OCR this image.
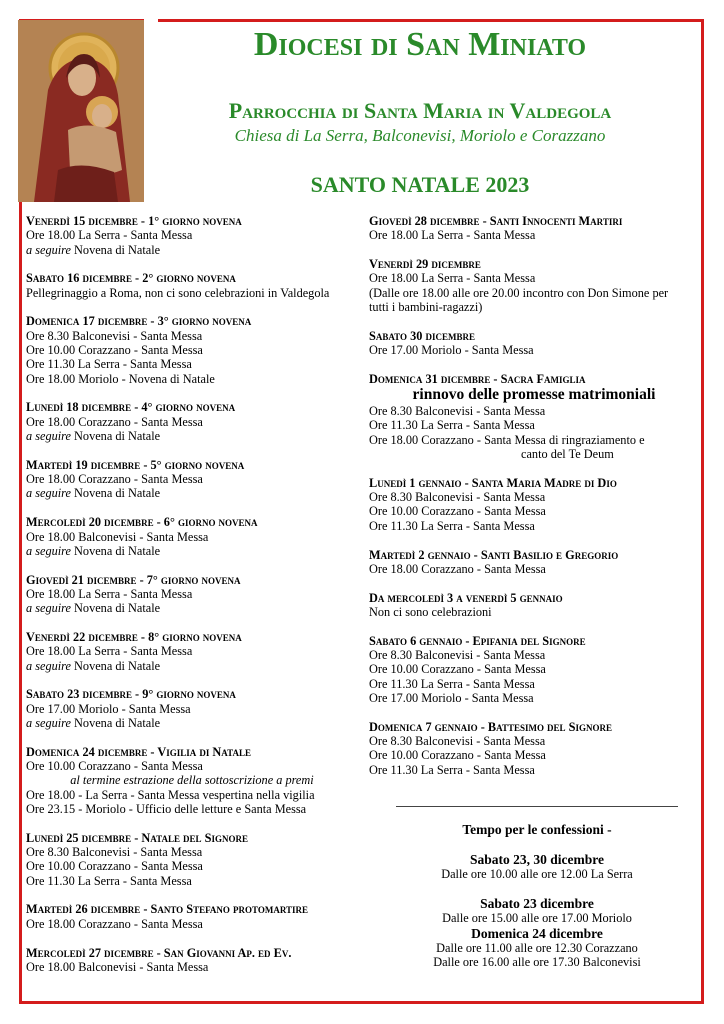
Diocesi di San Miniato
Parrocchia di Santa Maria in Valdegola
Chiesa di La Serra, Balconevisi, Moriolo e Corazzano
SANTO NATALE 2023
Venerdì 15 dicembre - 1° giorno novena
Ore 18.00 La Serra - Santa Messa
a seguire Novena di Natale
Sabato 16 dicembre - 2° giorno novena
Pellegrinaggio a Roma, non ci sono celebrazioni in Valdegola
Domenica 17 dicembre - 3° giorno novena
Ore 8.30 Balconevisi - Santa Messa
Ore 10.00 Corazzano - Santa Messa
Ore 11.30 La Serra - Santa Messa
Ore 18.00 Moriolo - Novena di Natale
Lunedì 18 dicembre - 4° giorno novena
Ore 18.00 Corazzano - Santa Messa
a seguire Novena di Natale
Martedì 19 dicembre - 5° giorno novena
Ore 18.00 Corazzano - Santa Messa
a seguire Novena di Natale
Mercoledì 20 dicembre - 6° giorno novena
Ore 18.00 Balconevisi - Santa Messa
a seguire Novena di Natale
Giovedì 21 dicembre - 7° giorno novena
Ore 18.00 La Serra - Santa Messa
a seguire Novena di Natale
Venerdì 22 dicembre - 8° giorno novena
Ore 18.00 La Serra - Santa Messa
a seguire Novena di Natale
Sabato 23 dicembre - 9° giorno novena
Ore 17.00 Moriolo - Santa Messa
a seguire Novena di Natale
Domenica 24 dicembre - Vigilia di Natale
Ore 10.00 Corazzano - Santa Messa
al termine estrazione della sottoscrizione a premi
Ore 18.00 - La Serra - Santa Messa vespertina nella vigilia
Ore 23.15 - Moriolo - Ufficio delle letture e Santa Messa
Lunedì 25 dicembre - Natale del Signore
Ore 8.30 Balconevisi - Santa Messa
Ore 10.00 Corazzano - Santa Messa
Ore 11.30 La Serra - Santa Messa
Martedì 26 dicembre - Santo Stefano protomartire
Ore 18.00 Corazzano - Santa Messa
Mercoledì 27 dicembre - San Giovanni Ap. ed Ev.
Ore 18.00 Balconevisi - Santa Messa
Giovedì 28 dicembre - Santi Innocenti Martiri
Ore 18.00 La Serra - Santa Messa
Venerdì 29 dicembre
Ore 18.00 La Serra - Santa Messa
(Dalle ore 18.00 alle ore 20.00 incontro con Don Simone per
tutti i bambini-ragazzi)
Sabato 30 dicembre
Ore 17.00 Moriolo - Santa Messa
Domenica 31 dicembre - Sacra Famiglia
rinnovo delle promesse matrimoniali
Ore 8.30 Balconevisi - Santa Messa
Ore 11.30 La Serra - Santa Messa
Ore 18.00 Corazzano - Santa Messa di ringraziamento e
canto del Te Deum
Lunedì 1 gennaio - Santa Maria Madre di Dio
Ore 8.30 Balconevisi - Santa Messa
Ore 10.00 Corazzano - Santa Messa
Ore 11.30 La Serra - Santa Messa
Martedì 2 gennaio - Santi Basilio e Gregorio
Ore 18.00 Corazzano - Santa Messa
Da mercoledì 3 a venerdì 5 gennaio
Non ci sono celebrazioni
Sabato 6 gennaio - Epifania del Signore
Ore 8.30 Balconevisi - Santa Messa
Ore 10.00 Corazzano - Santa Messa
Ore 11.30 La Serra - Santa Messa
Ore 17.00 Moriolo - Santa Messa
Domenica 7 gennaio - Battesimo del Signore
Ore 8.30 Balconevisi - Santa Messa
Ore 10.00 Corazzano - Santa Messa
Ore 11.30 La Serra - Santa Messa
Tempo per le confessioni -
Sabato 23, 30 dicembre
Dalle ore 10.00 alle ore 12.00 La Serra
Sabato 23 dicembre
Dalle ore 15.00 alle ore 17.00 Moriolo
Domenica 24 dicembre
Dalle ore 11.00 alle ore 12.30 Corazzano
Dalle ore 16.00 alle ore 17.30 Balconevisi
